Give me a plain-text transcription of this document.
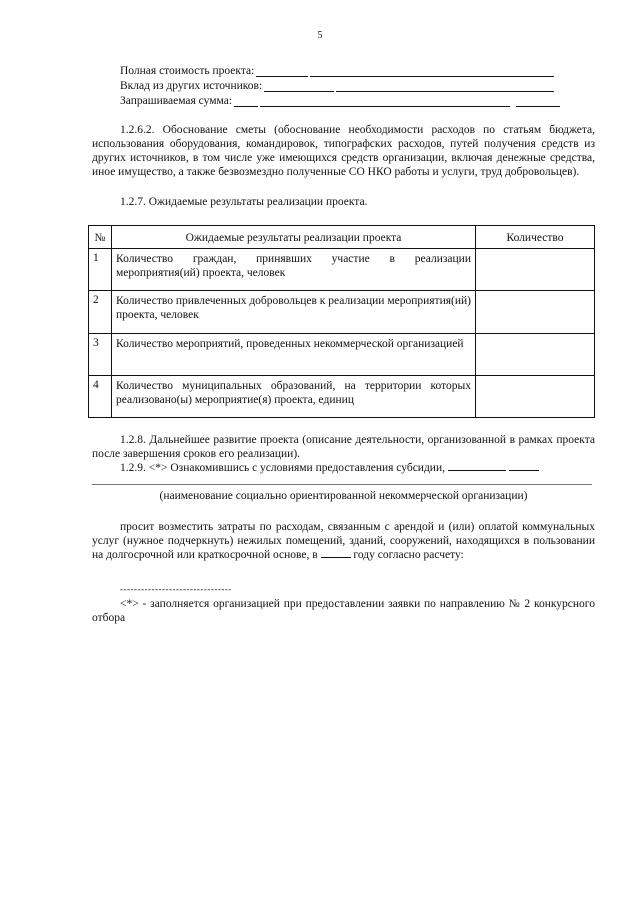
5
Полная стоимость проекта:
Вклад из других источников:
Запрашиваемая сумма:
1.2.6.2. Обоснование сметы (обоснование необходимости расходов по статьям бюджета, использования оборудования, командировок, типографских расходов, путей получения средств из других источников, в том числе уже имеющихся средств организации, включая денежные средства, иное имущество, а также безвозмездно полученные СО НКО работы и услуги, труд добровольцев).
1.2.7. Ожидаемые результаты реализации проекта.
№	Ожидаемые результаты реализации проекта	Количество
1	Количество граждан, принявших участие в реализации мероприятия(ий) проекта, человек	
2	Количество привлеченных добровольцев к реализации мероприятия(ий) проекта, человек	
3	Количество мероприятий, проведенных некоммерческой организацией	
4	Количество муниципальных образований, на территории которых реализовано(ы) мероприятие(я) проекта, единиц	
1.2.8. Дальнейшее развитие проекта (описание деятельности, организованной в рамках проекта после завершения сроков его реализации).
1.2.9. <*> Ознакомившись с условиями предоставления субсидии,
(наименование социально ориентированной некоммерческой организации)
просит возместить затраты по расходам, связанным с арендой и (или) оплатой коммунальных услуг (нужное подчеркнуть) нежилых помещений, зданий, сооружений, находящихся в пользовании на долгосрочной или краткосрочной основе, в	году согласно расчету:
--------------------------------
<*> - заполняется организацией при предоставлении заявки по направлению № 2 конкурсного отбора
